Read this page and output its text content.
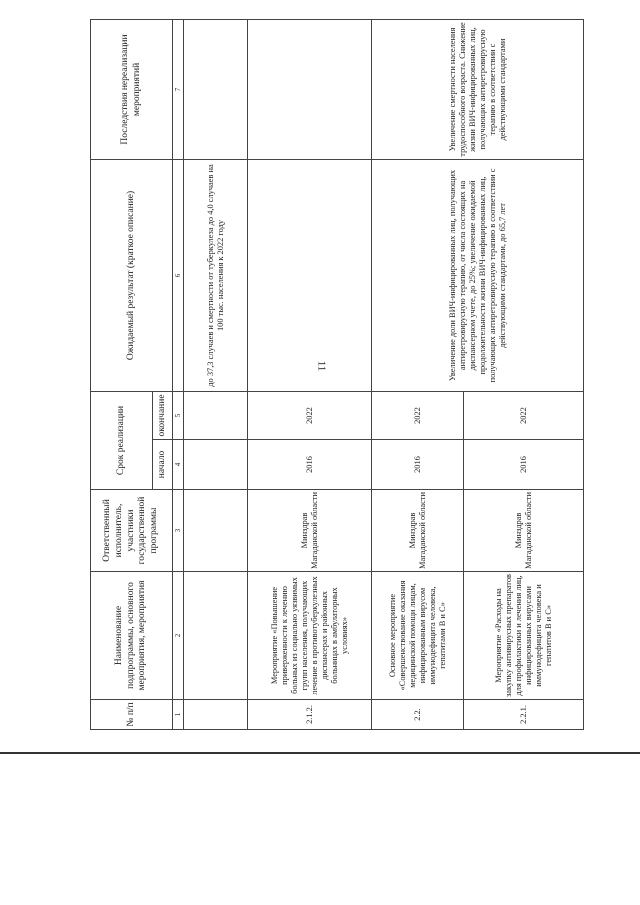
11
№ п/п	Наименование подпрограммы, основного мероприятия, мероприятия	Ответственный исполнитель, участники государственной программы	Срок реализации		Ожидаемый результат (краткое описание)	Последствия нереализации мероприятий
			начало	окончание		
1	2	3	4	5	6	7
					до 37,3 случаев и смертности от туберкулеза до 4,0 случаев на 100 тыс. населения к 2022 году	
2.1.2.	Мероприятие «Повышение приверженности к лечению больных из социально уязвимых групп населения, получающих лечение в противотуберкулезных диспансерах и районных больницах в амбулаторных условиях»	Минздрав Магаданской области	2016	2022		
2.2.	Основное мероприятие «Совершенствование оказания медицинской помощи лицам, инфицированным вирусом иммунодефицита человека, гепатитами B и C»	Минздрав Магаданской области	2016	2022	Увеличение доли ВИЧ-инфицированных лиц, получающих антиретровирусную терапию, от числа состоящих на диспансерном учете, до 25%; увеличение ожидаемой продолжительности жизни ВИЧ-инфицированных лиц, получающих антиретровирусную терапию в соответствии с действующими стандартами, до 65,7 лет	Увеличение смертности населения трудоспособного возраста. Снижение жизни ВИЧ-инфицированных лиц, получающих антиретровирусную терапию в соответствии с действующими стандартами
2.2.1.	Мероприятие «Расходы на закупку антивирусных препаратов для профилактики и лечения лиц, инфицированных вирусами иммунодефицита человека и гепатитов B и C»	Минздрав Магаданской области	2016	2022		
